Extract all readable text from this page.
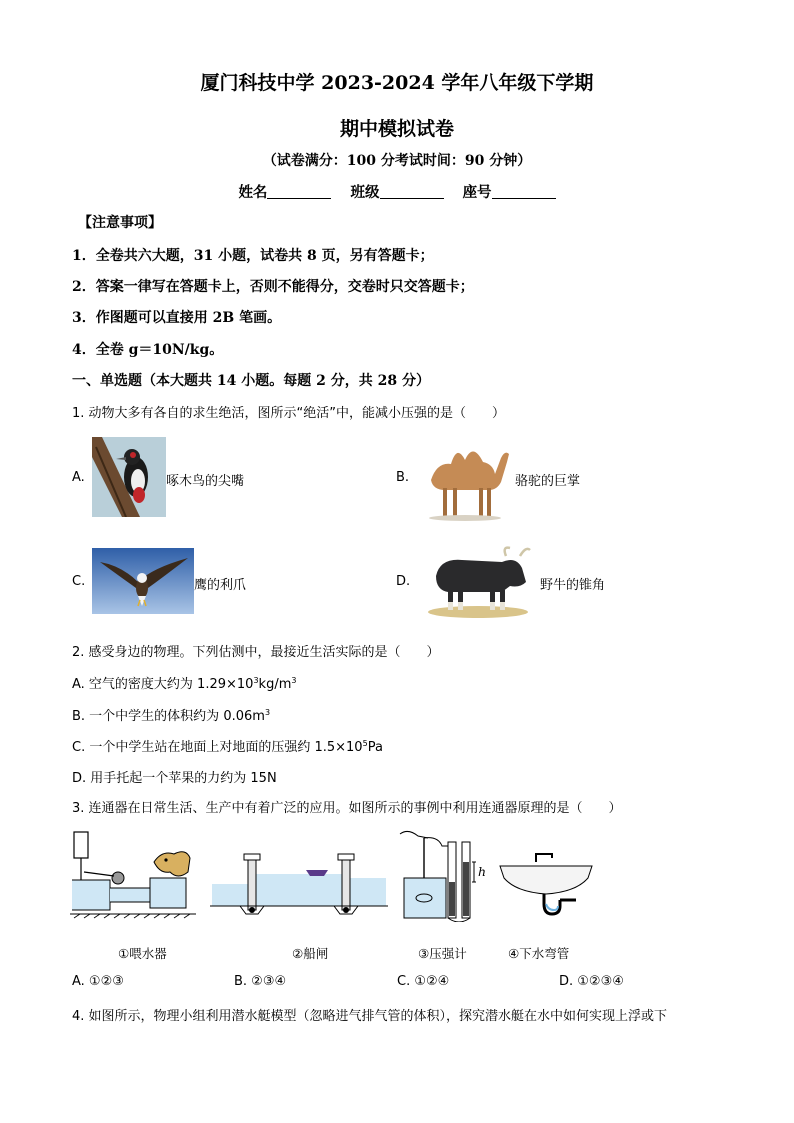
厦门科技中学 2023-2024 学年八年级下学期
期中模拟试卷
（试卷满分：100 分考试时间：90 分钟）
姓名	班级	座号
【注意事项】
1．全卷共六大题，31 小题，试卷共 8 页，另有答题卡；
2．答案一律写在答题卡上，否则不能得分，交卷时只交答题卡；
3．作图题可以直接用 2B 笔画。
4．全卷 g＝10N/kg。
一、单选题（本大题共 14 小题。每题 2 分，共 28 分）
1. 动物大多有各自的求生绝活，图所示“绝活”中，能减小压强的是（　　）
A.	啄木鸟的尖嘴	B.	骆驼的巨掌
C.	鹰的利爪	D.	野牛的锥角
2. 感受身边的物理。下列估测中，最接近生活实际的是（　　）
A. 空气的密度大约为 $1.29\times 10^3kg/m^3$
B. 一个中学生的体积约为 $0.06m^3$
C. 一个中学生站在地面上对地面的压强约 $1.5\times 10^5Pa$
D. 用手托起一个苹果的力约为 15N
3. 连通器在日常生活、生产中有着广泛的应用。如图所示的事例中利用连通器原理的是（　　）
h
①喂水器	②船闸	③压强计	④下水弯管
A. ①②③	B. ②③④	C. ①②④	D. ①②③④
4. 如图所示，物理小组利用潜水艇模型（忽略进气排气管的体积），探究潜水艇在水中如何实现上浮或下
